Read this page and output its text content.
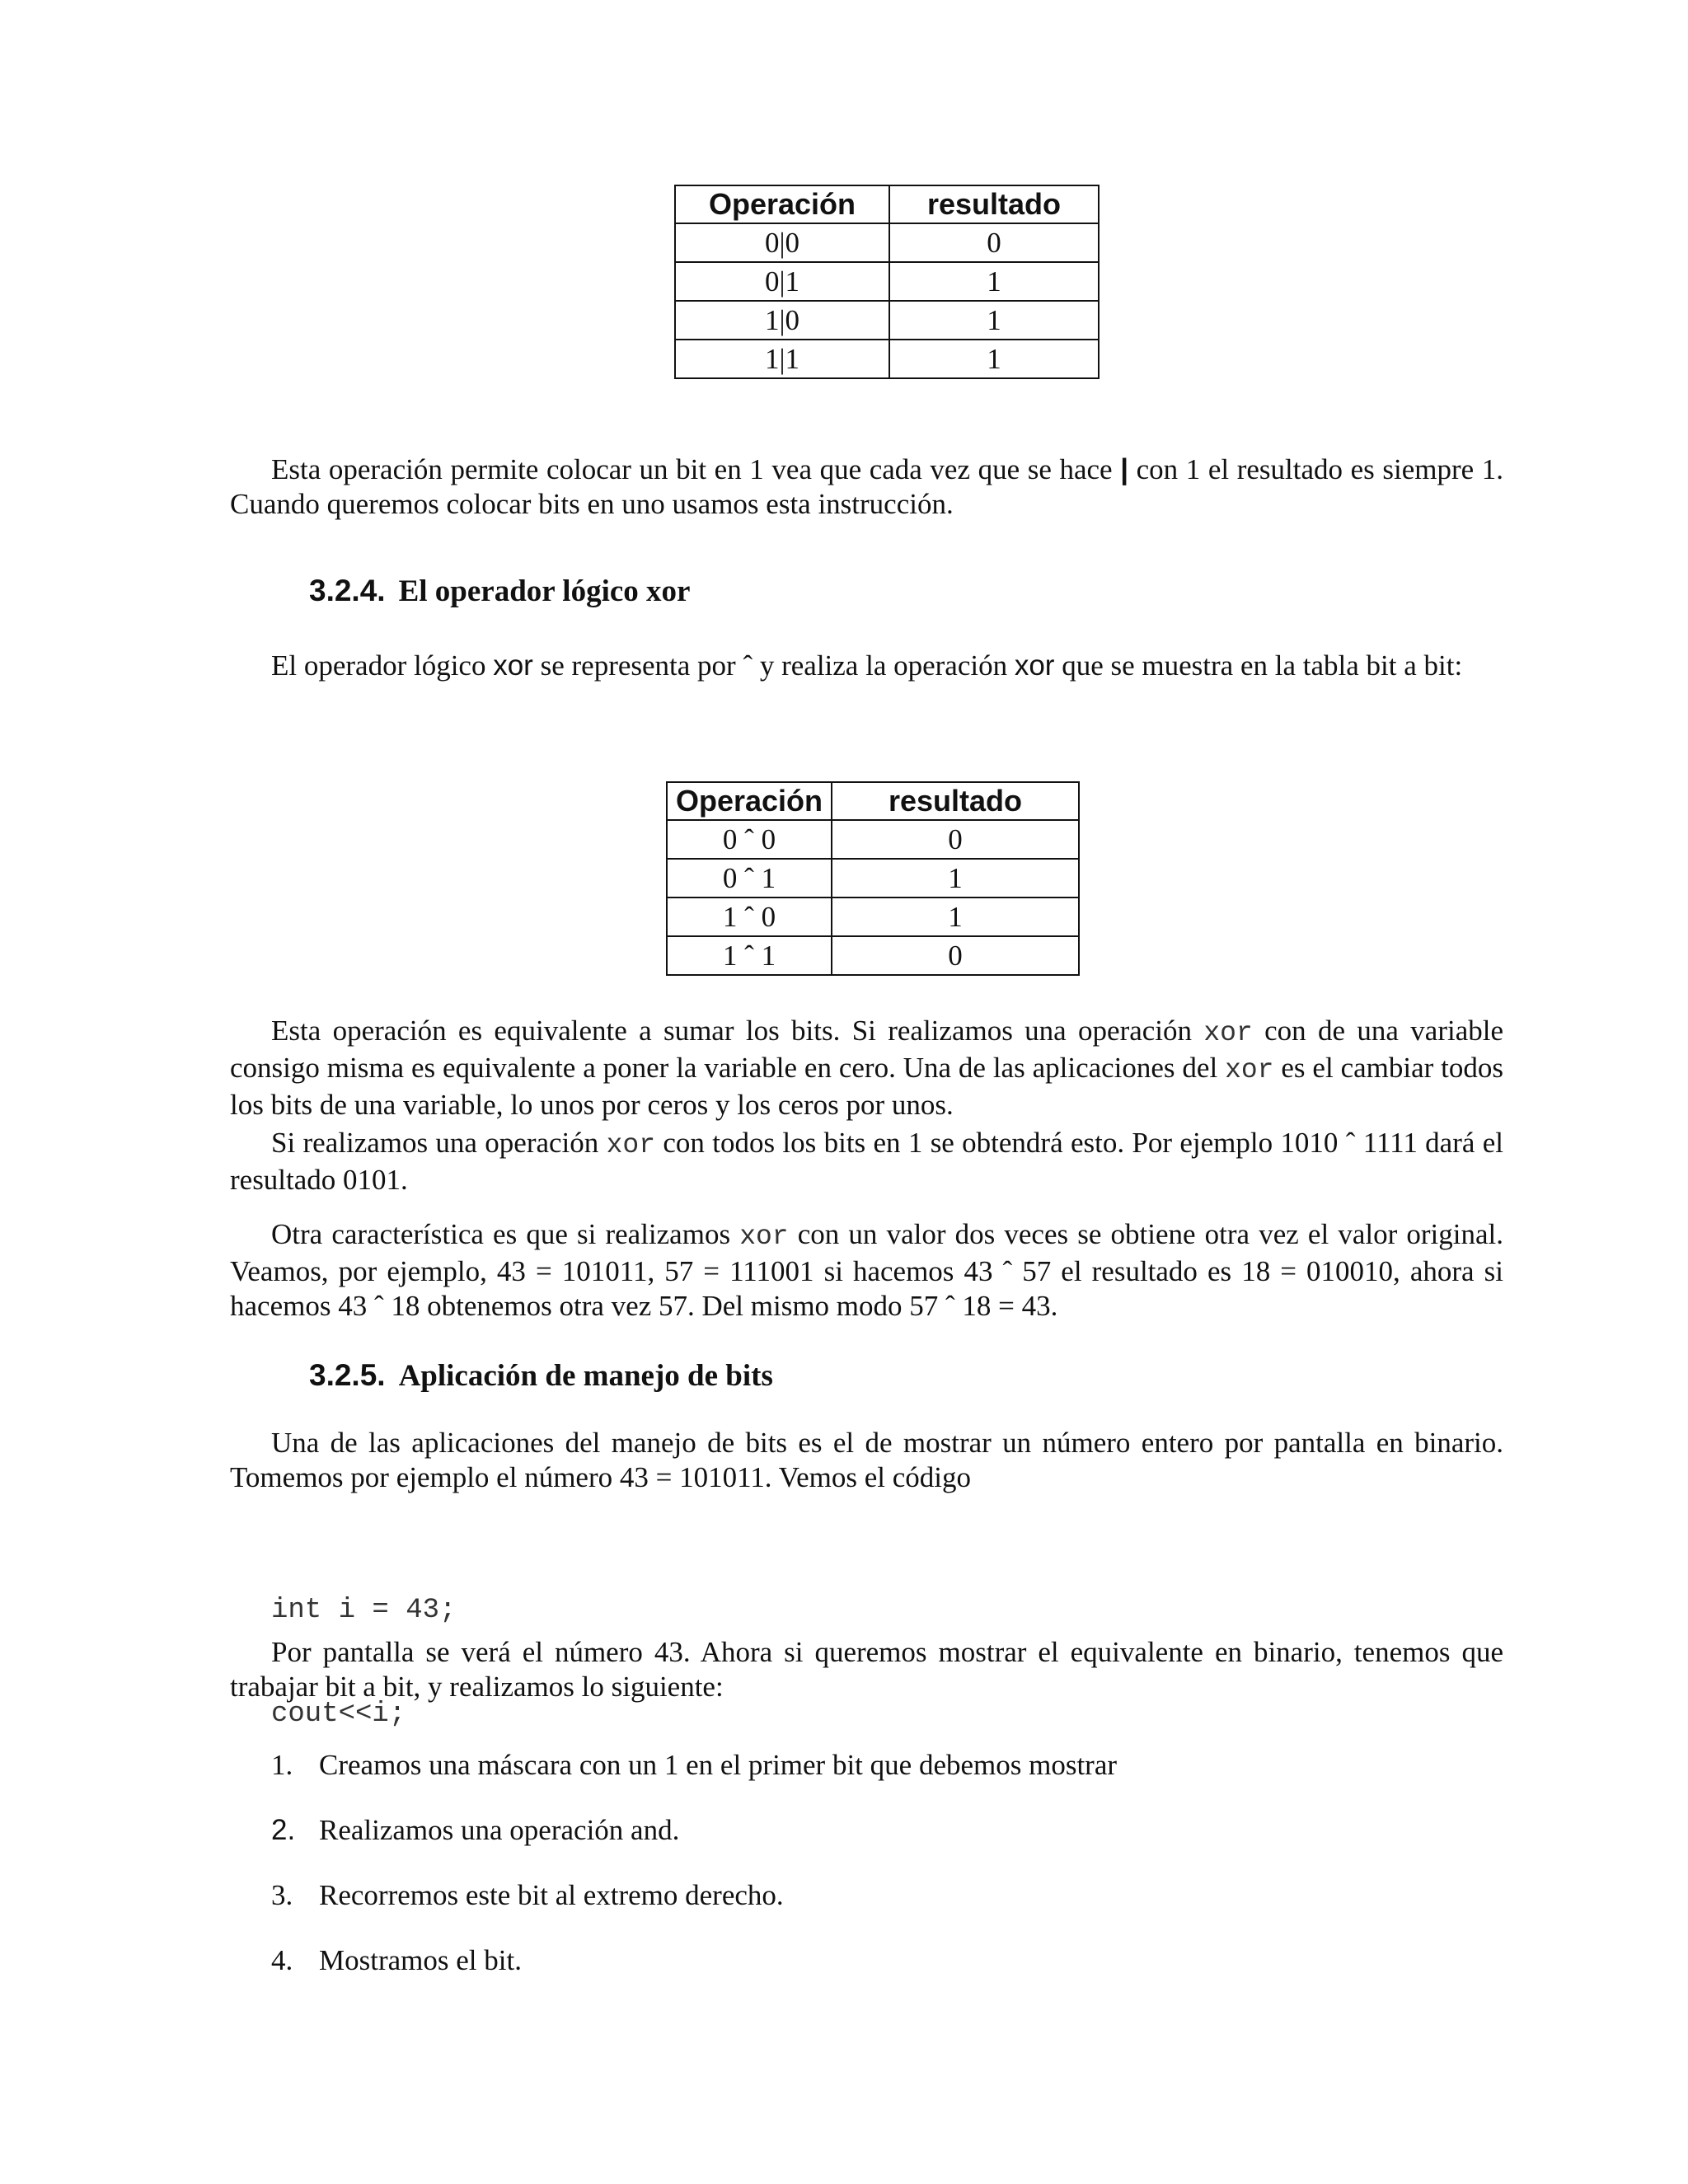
Operación	resultado
0|0	0
0|1	1
1|0	1
1|1	1

Esta operación permite colocar un bit en 1 vea que cada vez que se hace | con 1 el resultado es siempre 1. Cuando queremos colocar bits en uno usamos esta instrucción.

3.2.4. El operador lógico xor

El operador lógico xor se representa por ˆ y realiza la operación xor que se muestra en la tabla bit a bit:

Operación	resultado
0 ˆ 0	0
0 ˆ 1	1
1 ˆ 0	1
1 ˆ 1	0

Esta operación es equivalente a sumar los bits. Si realizamos una operación xor con de una variable consigo misma es equivalente a poner la variable en cero. Una de las aplicaciones del xor es el cambiar todos los bits de una variable, lo unos por ceros y los ceros por unos.

Si realizamos una operación xor con todos los bits en 1 se obtendrá esto. Por ejemplo 1010 ˆ 1111 dará el resultado 0101.

Otra característica es que si realizamos xor con un valor dos veces se obtiene otra vez el valor original. Veamos, por ejemplo, 43 = 101011, 57 = 111001 si hacemos 43 ˆ 57 el resultado es 18 = 010010, ahora si hacemos 43 ˆ 18 obtenemos otra vez 57. Del mismo modo 57 ˆ 18 = 43.

3.2.5. Aplicación de manejo de bits

Una de las aplicaciones del manejo de bits es el de mostrar un número entero por pantalla en binario. Tomemos por ejemplo el número 43 = 101011. Vemos el código

int i = 43;

cout<<i;

Por pantalla se verá el número 43. Ahora si queremos mostrar el equivalente en binario, tenemos que trabajar bit a bit, y realizamos lo siguiente:

1. Creamos una máscara con un 1 en el primer bit que debemos mostrar
2. Realizamos una operación and.
3. Recorremos este bit al extremo derecho.
4. Mostramos el bit.
